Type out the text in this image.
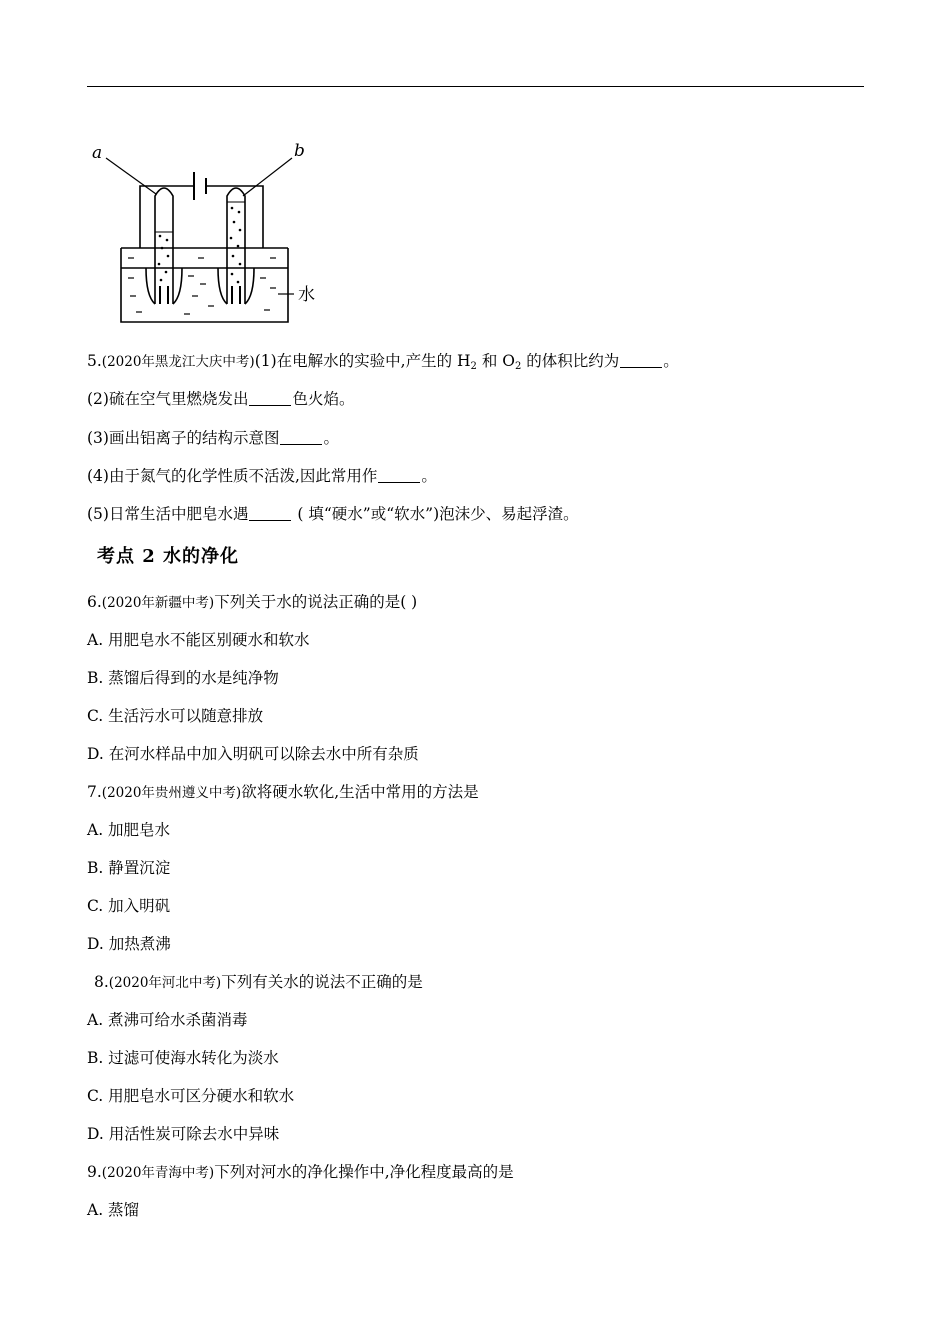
a	b
水
5.(2020年黑龙江大庆中考)(1)在电解水的实验中,产生的 $H_2$ 和 $O_2$ 的体积比约为	。
(2)硫在空气里燃烧发出	色火焰。
(3)画出铝离子的结构示意图	。
(4)由于氮气的化学性质不活泼,因此常用作	。
(5)日常生活中肥皂水遇	( 填“硬水”或“软水”)泡沫少、易起浮渣。
考点 2 水的净化
6.(2020年新疆中考)下列关于水的说法正确的是( )
A. 用肥皂水不能区别硬水和软水
B. 蒸馏后得到的水是纯净物
C. 生活污水可以随意排放
D. 在河水样品中加入明矾可以除去水中所有杂质
7.(2020年贵州遵义中考)欲将硬水软化,生活中常用的方法是
A. 加肥皂水
B. 静置沉淀
C. 加入明矾
D. 加热煮沸
8.(2020年河北中考)下列有关水的说法不正确的是
A. 煮沸可给水杀菌消毒
B. 过滤可使海水转化为淡水
C. 用肥皂水可区分硬水和软水
D. 用活性炭可除去水中异味
9.(2020年青海中考)下列对河水的净化操作中,净化程度最高的是
A. 蒸馏
